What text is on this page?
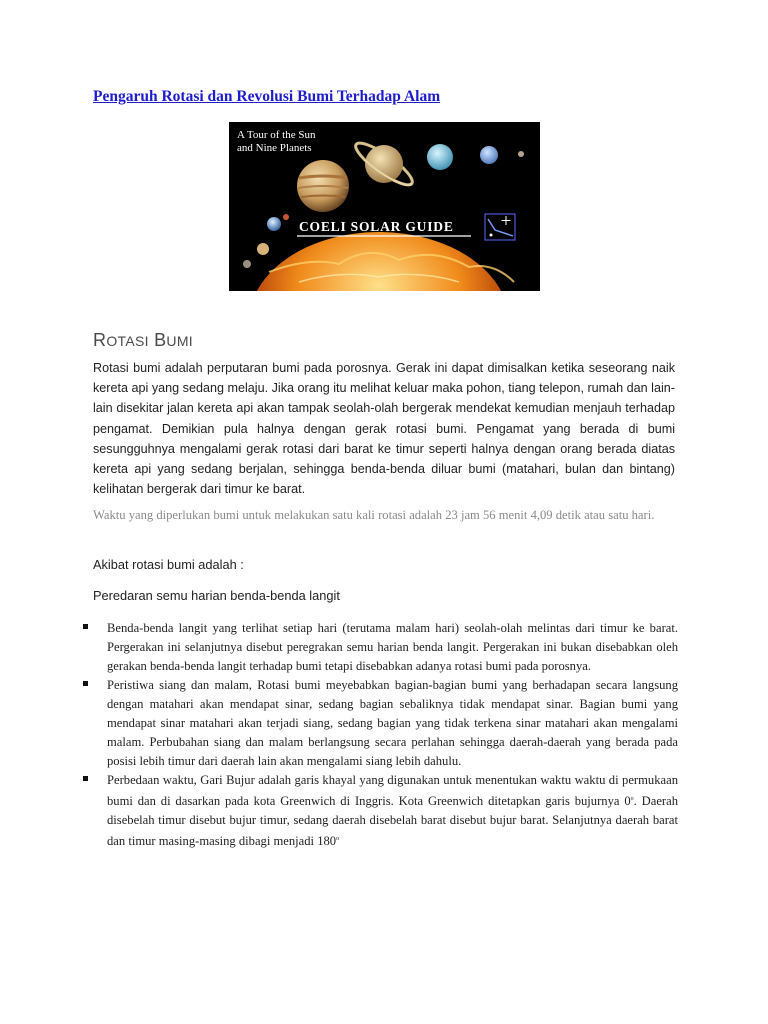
Pengaruh Rotasi dan Revolusi Bumi Terhadap Alam
A Tour of the Sun
and Nine Planets
COELI SOLAR GUIDE
ROTASI BUMI

Rotasi bumi adalah perputaran bumi pada porosnya. Gerak ini dapat dimisalkan ketika seseorang naik kereta api yang sedang melaju. Jika orang itu melihat keluar maka pohon, tiang telepon, rumah dan lain-lain disekitar jalan kereta api akan tampak seolah-olah bergerak mendekat kemudian menjauh terhadap pengamat. Demikian pula halnya dengan gerak rotasi bumi. Pengamat yang berada di bumi sesungguhnya mengalami gerak rotasi dari barat ke timur seperti halnya dengan orang berada diatas kereta api yang sedang berjalan, sehingga benda-benda diluar bumi (matahari, bulan dan bintang) kelihatan bergerak dari timur ke barat.

Waktu yang diperlukan bumi untuk melakukan satu kali rotasi adalah 23 jam 56 menit 4,09 detik atau satu hari.

Akibat rotasi bumi adalah :

Peredaran semu harian benda-benda langit

Benda-benda langit yang terlihat setiap hari (terutama malam hari) seolah-olah melintas dari timur ke barat. Pergerakan ini selanjutnya disebut peregrakan semu harian benda langit. Pergerakan ini bukan disebabkan oleh gerakan benda-benda langit terhadap bumi tetapi disebabkan adanya rotasi bumi pada porosnya.
Peristiwa siang dan malam, Rotasi bumi meyebabkan bagian-bagian bumi yang berhadapan secara langsung dengan matahari akan mendapat sinar, sedang bagian sebaliknya tidak mendapat sinar. Bagian bumi yang mendapat sinar matahari akan terjadi siang, sedang bagian yang tidak terkena sinar matahari akan mengalami malam. Perbubahan siang dan malam berlangsung secara perlahan sehingga daerah-daerah yang berada pada posisi lebih timur dari daerah lain akan mengalami siang lebih dahulu.
Perbedaan waktu, Gari Bujur adalah garis khayal yang digunakan untuk menentukan waktu waktu di permukaan bumi dan di dasarkan pada kota Greenwich di Inggris. Kota Greenwich ditetapkan garis bujurnya 0$^o$. Daerah disebelah timur disebut bujur timur, sedang daerah disebelah barat disebut bujur barat. Selanjutnya daerah barat dan timur masing-masing dibagi menjadi 180$^o$
